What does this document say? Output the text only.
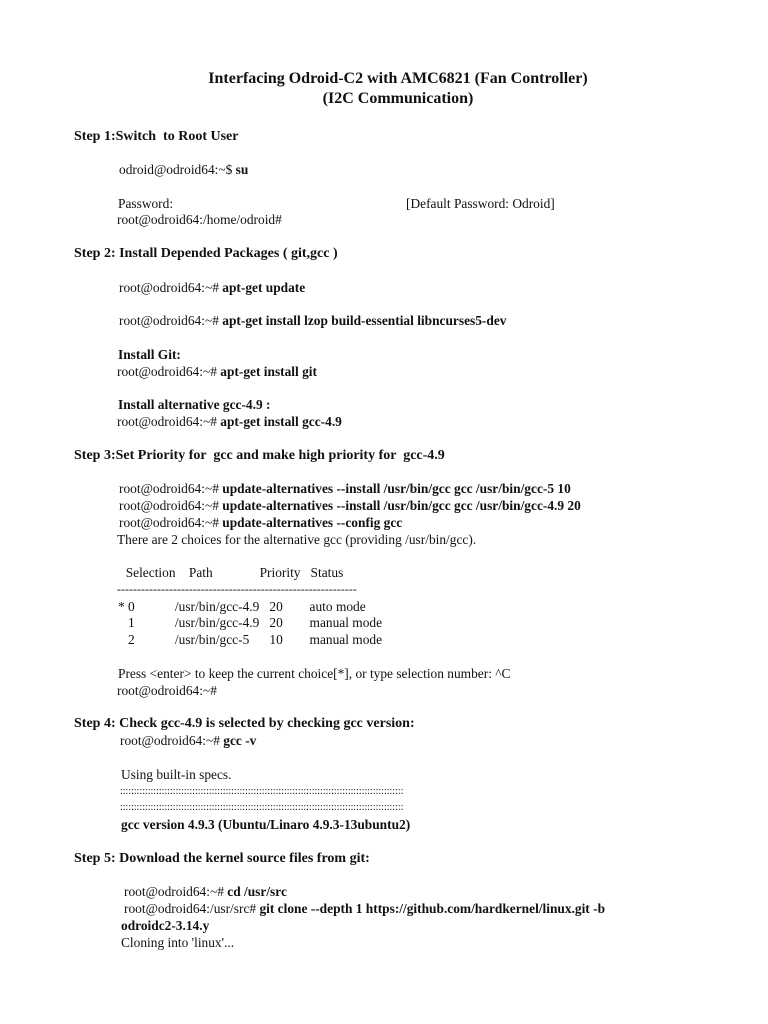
Interfacing Odroid-C2 with AMC6821 (Fan Controller)
(I2C Communication)
Step 1:Switch  to Root User
odroid@odroid64:~$ su
Password:	[Default Password: Odroid]
root@odroid64:/home/odroid#
Step 2: Install Depended Packages ( git,gcc )
root@odroid64:~# apt-get update
root@odroid64:~# apt-get install lzop build-essential libncurses5-dev
Install Git:
root@odroid64:~# apt-get install git
Install alternative gcc-4.9 :
root@odroid64:~# apt-get install gcc-4.9
Step 3:Set Priority for  gcc and make high priority for  gcc-4.9
root@odroid64:~# update-alternatives --install /usr/bin/gcc gcc /usr/bin/gcc-5 10
root@odroid64:~# update-alternatives --install /usr/bin/gcc gcc /usr/bin/gcc-4.9 20
root@odroid64:~# update-alternatives --config gcc
There are 2 choices for the alternative gcc (providing /usr/bin/gcc).
Selection    Path              Priority   Status
------------------------------------------------------------
* 0            /usr/bin/gcc-4.9   20        auto mode
1            /usr/bin/gcc-4.9   20        manual mode
2            /usr/bin/gcc-5      10        manual mode
Press <enter> to keep the current choice[*], or type selection number: ^C
root@odroid64:~#
Step 4: Check gcc-4.9 is selected by checking gcc version:
root@odroid64:~# gcc -v
Using built-in specs.
::::::::::::::::::::::::::::::::::::::::::::::::::::::::::::::::::::::::::::::::::::::::::::::::::::::
::::::::::::::::::::::::::::::::::::::::::::::::::::::::::::::::::::::::::::::::::::::::::::::::::::::
gcc version 4.9.3 (Ubuntu/Linaro 4.9.3-13ubuntu2)
Step 5: Download the kernel source files from git:
root@odroid64:~# cd /usr/src
root@odroid64:/usr/src# git clone --depth 1 https://github.com/hardkernel/linux.git -b
odroidc2-3.14.y
Cloning into 'linux'...
